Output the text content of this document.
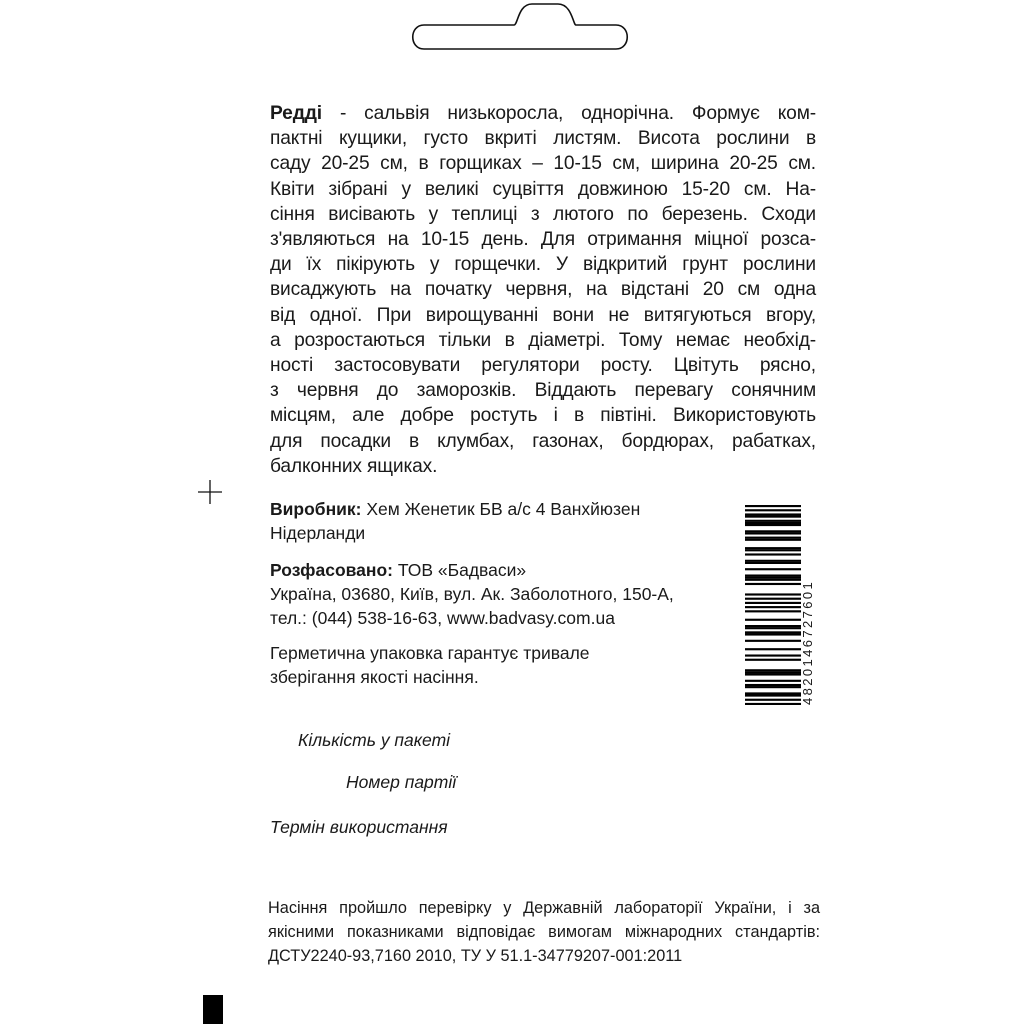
Редді - сальвія низькоросла, однорічна. Формує ком-
пактні кущики, густо вкриті листям. Висота рослини в
саду 20-25 см, в горщиках – 10-15 см, ширина 20-25 см.
Квіти зібрані у великі суцвіття довжиною 15-20 см. На-
сіння висівають у теплиці з лютого по березень. Сходи
з'являються на 10-15 день. Для отримання міцної розса-
ди їх пікірують у горщечки. У відкритий грунт рослини
висаджують на початку червня, на відстані 20 см одна
від одної. При вирощуванні вони не витягуються вгору,
а розростаються тільки в діаметрі. Тому немає необхід-
ності застосовувати регулятори росту. Цвітуть рясно,
з червня до заморозків. Віддають перевагу сонячним
місцям, але добре ростуть і в півтіні. Використовують
для посадки в клумбах, газонах, бордюрах, рабатках,
балконних ящиках.
Виробник: Хем Женетик БВ а/с 4 Ванхйюзен
Нідерланди
Розфасовано: ТОВ «Бадваси»
Україна, 03680, Київ, вул. Ак. Заболотного, 150-А,
тел.: (044) 538-16-63, www.badvasy.com.ua
Герметична упаковка гарантує тривале
зберігання якості насіння.	4820146727601

Кількість у пакеті

Номер партії

Термін використання

Насіння пройшло перевірку у Державній лабораторії України, і за
якісними показниками відповідає вимогам міжнародних стандартів:
ДСТУ2240-93,7160 2010, ТУ У 51.1-34779207-001:2011
